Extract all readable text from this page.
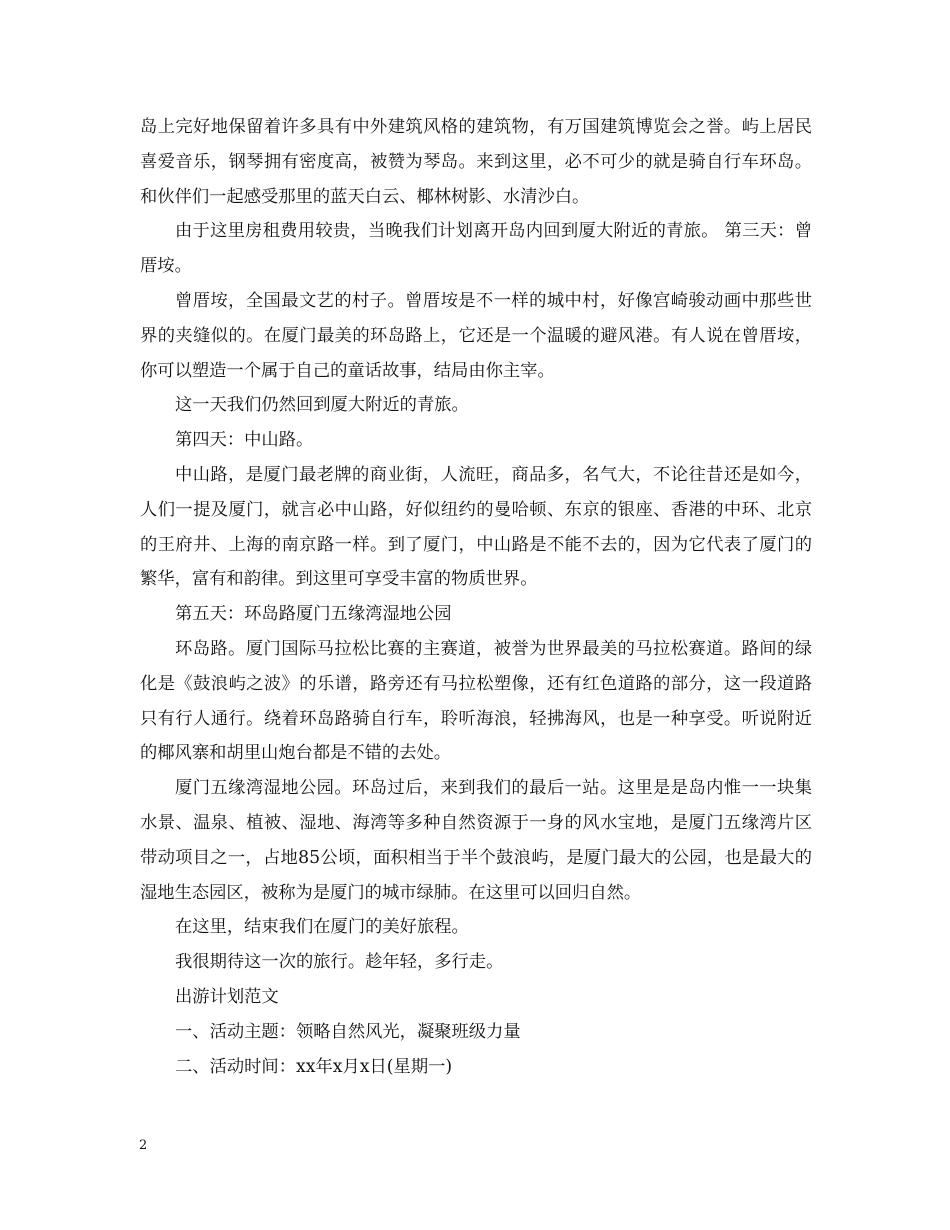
岛上完好地保留着许多具有中外建筑风格的建筑物，有万国建筑博览会之誉。屿上居民喜爱音乐，钢琴拥有密度高，被赞为琴岛。来到这里，必不可少的就是骑自行车环岛。和伙伴们一起感受那里的蓝天白云、椰林树影、水清沙白。

由于这里房租费用较贵，当晚我们计划离开岛内回到厦大附近的青旅。 第三天：曾厝垵。

曾厝垵，全国最文艺的村子。曾厝垵是不一样的城中村，好像宫崎骏动画中那些世界的夹缝似的。在厦门最美的环岛路上，它还是一个温暖的避风港。有人说在曾厝垵，你可以塑造一个属于自己的童话故事，结局由你主宰。

这一天我们仍然回到厦大附近的青旅。

第四天：中山路。

中山路，是厦门最老牌的商业街，人流旺，商品多，名气大，不论往昔还是如今，人们一提及厦门，就言必中山路，好似纽约的曼哈顿、东京的银座、香港的中环、北京的王府井、上海的南京路一样。到了厦门，中山路是不能不去的，因为它代表了厦门的繁华，富有和韵律。到这里可享受丰富的物质世界。

第五天：环岛路厦门五缘湾湿地公园

环岛路。厦门国际马拉松比赛的主赛道，被誉为世界最美的马拉松赛道。路间的绿化是《鼓浪屿之波》的乐谱，路旁还有马拉松塑像，还有红色道路的部分，这一段道路只有行人通行。绕着环岛路骑自行车，聆听海浪，轻拂海风，也是一种享受。听说附近的椰风寨和胡里山炮台都是不错的去处。

厦门五缘湾湿地公园。环岛过后，来到我们的最后一站。这里是是岛内惟一一块集水景、温泉、植被、湿地、海湾等多种自然资源于一身的风水宝地，是厦门五缘湾片区带动项目之一，占地85公顷，面积相当于半个鼓浪屿，是厦门最大的公园，也是最大的湿地生态园区，被称为是厦门的城市绿肺。在这里可以回归自然。

在这里，结束我们在厦门的美好旅程。

我很期待这一次的旅行。趁年轻，多行走。

出游计划范文

一、活动主题：领略自然风光，凝聚班级力量

二、活动时间：xx年x月x日(星期一)

2
